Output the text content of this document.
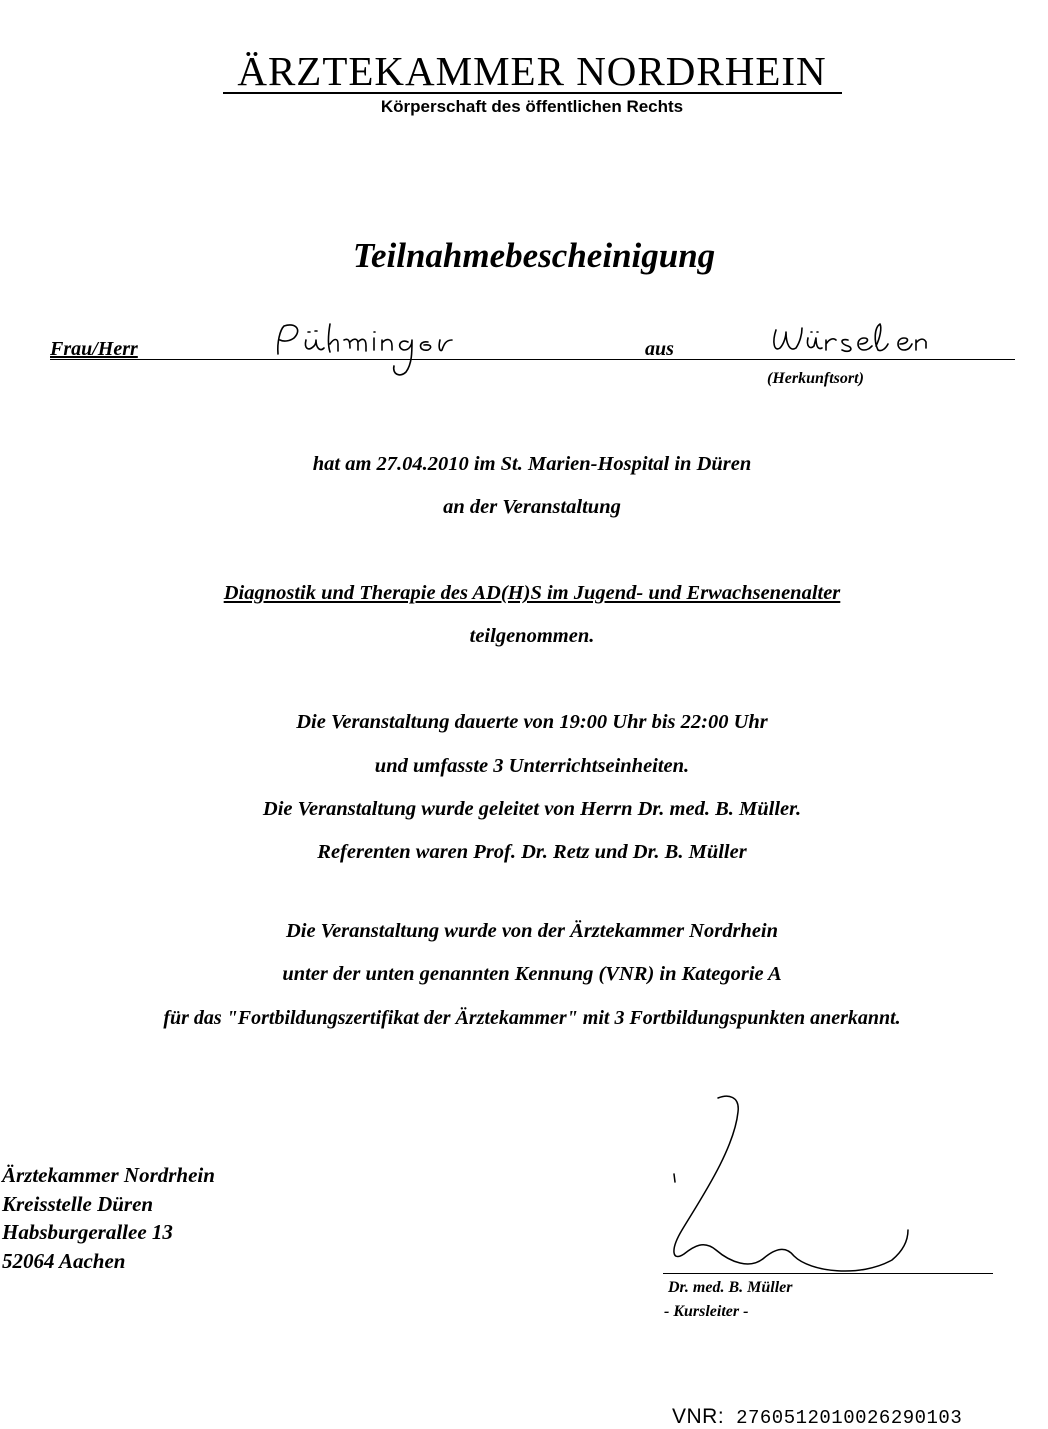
ÄRZTEKAMMER NORDRHEIN
Körperschaft des öffentlichen Rechts
Teilnahmebescheinigung
Frau/Herr	aus
(Herkunftsort)
hat am 27.04.2010 im St. Marien-Hospital in Düren
an der Veranstaltung
Diagnostik und Therapie des AD(H)S im Jugend- und Erwachsenenalter
teilgenommen.
Die Veranstaltung dauerte von 19:00 Uhr bis 22:00 Uhr
und umfasste 3 Unterrichtseinheiten.
Die Veranstaltung wurde geleitet von Herrn Dr. med. B. Müller.
Referenten waren Prof. Dr. Retz und Dr. B. Müller
Die Veranstaltung wurde von der Ärztekammer Nordrhein
unter der unten genannten Kennung (VNR) in Kategorie A
für das "Fortbildungszertifikat der Ärztekammer" mit 3 Fortbildungspunkten anerkannt.
Ärztekammer Nordrhein
Kreisstelle Düren
Habsburgerallee 13
52064 Aachen
Dr. med. B. Müller
- Kursleiter -
VNR: 2760512010026290103
